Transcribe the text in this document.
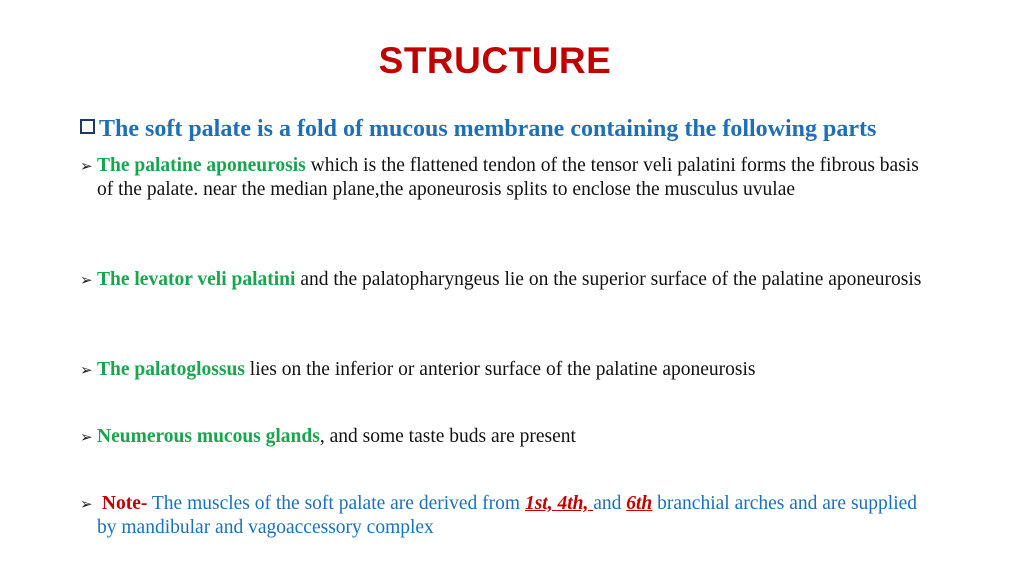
STRUCTURE
The soft palate is a fold of mucous membrane containing the following parts
➢ The palatine aponeurosis which is the flattened tendon of the tensor veli palatini forms the fibrous basis of the palate. near the median plane,the aponeurosis splits to enclose the musculus uvulae
➢ The levator veli palatini and the palatopharyngeus lie on the superior surface of the palatine aponeurosis
➢ The palatoglossus lies on the inferior or anterior surface of the palatine aponeurosis
➢ Neumerous mucous glands, and some taste buds are present
➢ Note- The muscles of the soft palate are derived from 1st, 4th, and 6th branchial arches and are supplied by mandibular and vagoaccessory complex
